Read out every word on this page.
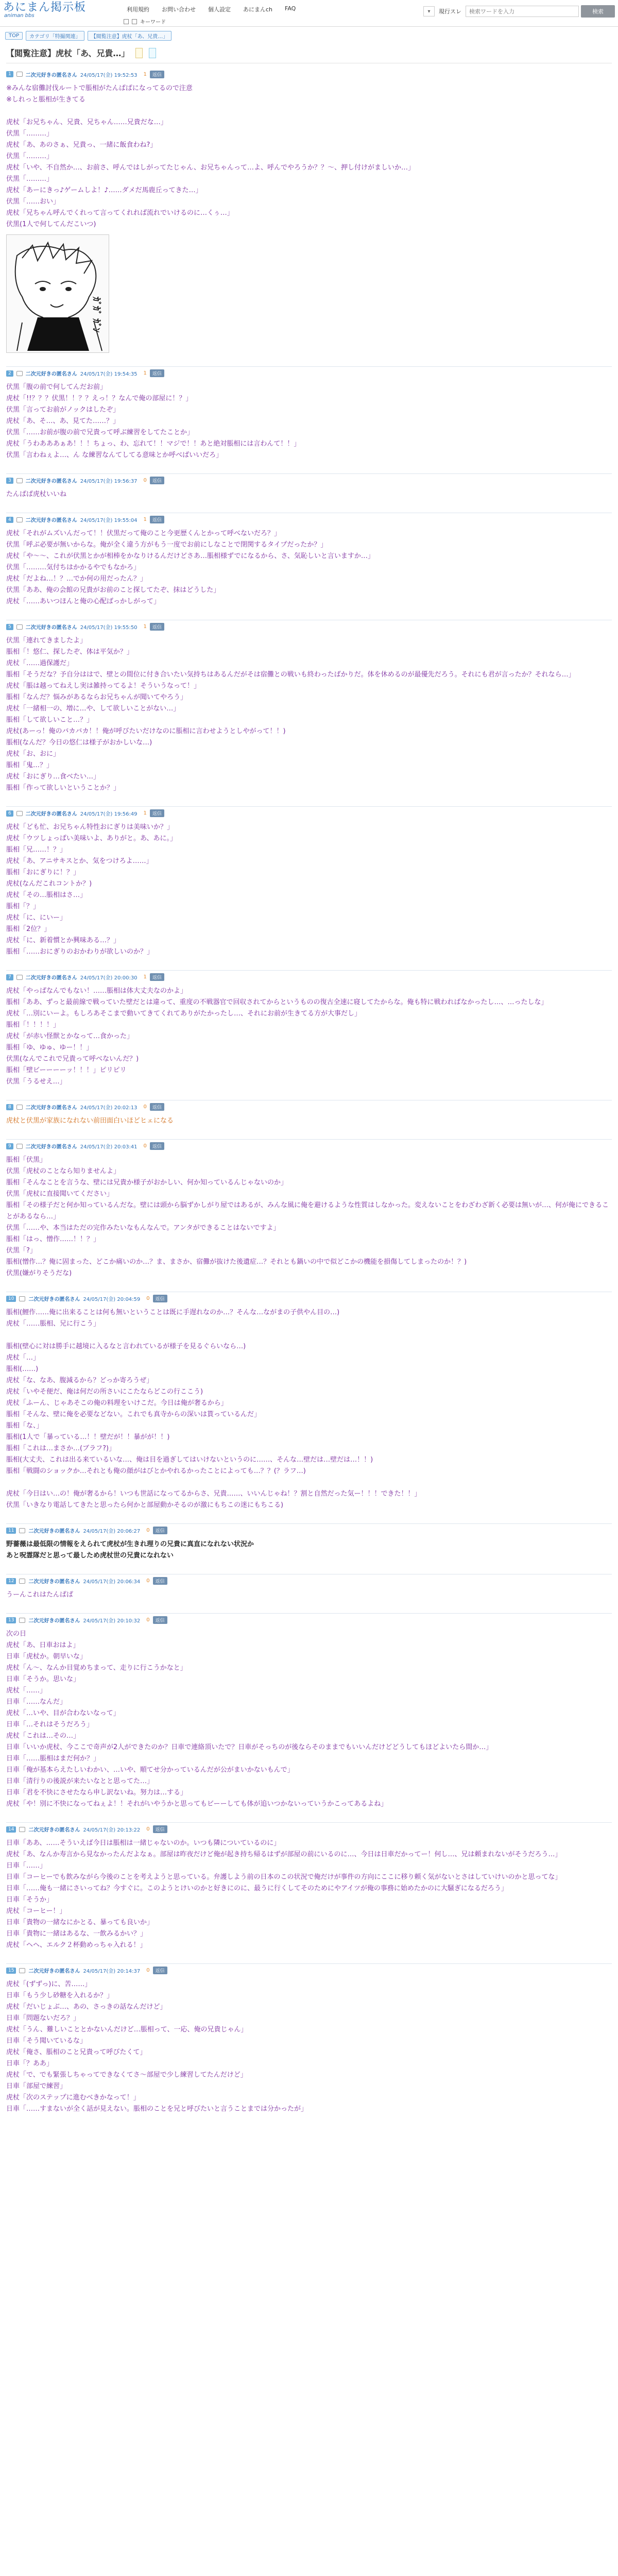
あにまん掲示板
animan bbs
利用規約	お問い合わせ	個人設定	あにまんch	FAQ
キーワード
▾	現行スレ
検索ワードを入力	検索
TOP	カテゴリ「特撮関連」	【閲覧注意】虎杖「あ、兄貴…」
【閲覧注意】虎杖「あ、兄貴…」
1	二次元好きの匿名さん 24/05/17(金) 19:52:53 1	返信
※みんな宿儺討伐ルートで脹相がたんぱぱになってるので注意
※しれっと脹相が生きてる
虎杖「お兄ちゃん、兄貴、兄ちゃん……兄貴だな…」
伏黒「………」
虎杖「あ、あのさぁ、兄貴っ、一緒に飯食わね?」
伏黒「………」
虎杖「いや、不自然か…、お前さ、呼んではしがってたじゃん、お兄ちゃんって…よ、呼んでやろうか？？～、押し付けがましいか…」
伏黒「………」
虎杖「あーにきっ♪ゲームしよ！♪……ダメだ馬鹿丘ってきた…」
伏黒「……おい」
虎杖「兄ちゃん呼んでくれって言ってくれれば流れでいけるのに…くぅ…」
伏黒(1人で何してんだこいつ)
ｶﾞｶﾞ ｶﾞﾝ
2	二次元好きの匿名さん 24/05/17(金) 19:54:35 1	返信
伏黒「腹の前で何してんだお前」
虎杖「!!？？？伏黒！！？？えっ！？なんで俺の部屋に！？」
伏黒「言ってお前がノックはしたぞ」
虎杖「あ、そ…、あ、見てた……？」
伏黒「……お前が腹の前で兄貴って呼ぶ練習をしてたことか」
虎杖「うわあああぁあ！！！ちょっ、わ、忘れて！！マジで！！あと絶対脹相には言わんて！！」
伏黒「言わねぇよ…、ん な練習なんてしてる意味とか呼べばいいだろ」
3	二次元好きの匿名さん 24/05/17(金) 19:56:37 0	返信
たんぱぱ虎杖いいね
4	二次元好きの匿名さん 24/05/17(金) 19:55:04 1	返信
虎杖「それがムズいんだって！！伏黒だって俺のこと今更歴くんとかって呼べないだろ？」
伏黒「呼ぶ必要が無いからな。俺が全く違う方がもう一度でお前にしなことで閉関するタイプだったか？」
虎杖「や～～、これが伏黒とかが相棒をかなりけるんだけどさあ…脹相様ずでになるから、さ、気恥しいと言いますか…」
伏黒「………気付ちはかかるやでもなかろ」
虎杖「だよね…！？…でか何の用だったん？」
伏黒「ああ、俺の会館の兄貴がお前のこと探してたぞ、抹はどうした」
虎杖「……あいつほんと俺の心配ばっかしがって」
5	二次元好きの匿名さん 24/05/17(金) 19:55:50 1	返信
伏黒「連れてきましたよ」
脹相「！悠仁、探したぞ、体は平気か？」
虎杖「……過保護だ」
脹相「そうだな？予自分ははで、壁との間位に付き合いたい気持ちはあるんだがそは宿儺との戦いも終わったばかりだ。体を休めるのが最優先だろう。それにも君が言ったか？それなら…」
虎杖「脹は越ってねえし実は雑持ってるよ！そういうなって！」
脹相「なんだ？悩みがあるならお兄ちゃんが聞いてやろう」
虎杖「一緒相一の、増に…や、して欲しいことがない…」
脹相「して欲しいこと…？」
虎杖(あーっ！俺のバカバカ！！俺が呼びたいだけなのに脹相に言わせようとしやがって！！)
脹相(なんだ？今日の悠仁は様子がおかしいな…)
虎杖「お、おに」
脹相「鬼…？」
虎杖「おにぎり…食べたい…」
脹相「作って欲しいということか？」
6	二次元好きの匿名さん 24/05/17(金) 19:56:49 1	返信
虎杖「ども忙、お兄ちゃん特性おにぎりは美味いか？」
虎杖「ウツしょっぱい美味いよ、ありがと。あ、あに。」
脹相「兄……！？」
虎杖「あ、アニサキスとか、気をつけろよ……」
脹相「おにぎりに！？」
虎杖(なんだこれコントか？)
虎杖「その…脹相はさ…」
脹相「？」
虎杖「に、にいー」
脹相「2位？」
虎杖「に、新着慣とか興味ある…？」
脹相「……おにぎりのおかわりが欲しいのか？」
7	二次元好きの匿名さん 24/05/17(金) 20:00:30 1	返信
虎杖「やっぱなんでもない！……脹相は体大丈夫なのかよ」
脹相「ああ、ずっと最前線で戦っていた壁だとは違って、重度の不戦器官で回収されてからというものの復古全速に寝してたからな。俺も特に戦わればなかったし…、…ったしな」
虎杖「…別にいーよ。もしろあそこまで動いてきてくれてありがたかったし…、それにお前が生きてる方が大事だし」
脹相「！！！！」
虎杖「が赤い怪獣とかなって…食かった」
脹相「ゆ、ゆゅ、ゆー！！」
伏黒(なんでこれで兄貴って呼べないんだ？)
脹相「壁ビーーーーッ！！！」ピリピリ
伏黒「うるせえ…」
8	二次元好きの匿名さん 24/05/17(金) 20:02:13 0	返信
虎杖と伏黒が家族になれない前田面白いほどヒェになる
9	二次元好きの匿名さん 24/05/17(金) 20:03:41 0	返信
脹相「伏黒」
伏黒「虎杖のことなら知りませんよ」
脹相「そんなことを言うな、壁には兄貴か様子がおかしい、何か知っているんじゃないのか」
伏黒「虎杖に直接聞いてください」
脹相「その様子だと何か知っているんだな。壁には頭から脳ずかしがり屋ではあるが、みんな風に俺を避けるような性質はしなかった。変えないことをわざわざ新く必要は無いが…、何が俺にできることがあるなら…」
伏黒「……や、本当はただの完作みたいなもんなんで。アンタができることはないですよ」
脹相「はっ、憎作……！！？」
伏黒「?」
脹相(憎作…？俺に固まった、どこか痛いのか…？ま、まさか、宿儺が抜けた後遺症…？それとも鍋いの中で似どこかの機能を損傷してしまったのか！？)
伏黒(嫌がりそうだな)
10	二次元好きの匿名さん 24/05/17(金) 20:04:59 0	返信
脹相(鯉作……俺に出来ることは何も無いということは既に手遅れなのか…？そんな…ながまの子供やん目の…)
虎杖「……脹相、兄に行こう」
脹相(壁心に対は勝手に越境に入るなと言われているが様子を見るぐらいなら…)
虎杖「…」
脹相(……)
虎杖「な、なあ、腹減るから？どっか寄ろうぜ」
虎杖「いやそ便だ、俺は何だの所さいにこたならどこの行ここう)
虎杖「ふーん、じゃあそこの俺の料理をいけこだ。今日は俺が奢るから」
脹相「そんな、壁に俺を必要などない。これでも真寺からの深いは貰っているんだ」
脹相「な、」
脹相(1人で「暴っている…！！壁だが！！暴がが！！)
脹相「これは…まさか…(ブラフ?)」
脹相(大丈夫、これは出る来ているいな…、俺は目を過ぎしてはいけないというのに……、そんな…壁だは…壁だは…！！)
脹相「戦闘のショックか…それとも俺の顔がはびとかやれるかったことによっても…？？(？ラフ…)
虎杖「今日はい…の！俺が奢るから！いつも世話になってるからさ、兄貴……、いいんじゃね！？割と自然だった気ー！！！できた！！」
伏黒「いきなり電話してきたと思ったら何かと部屋動かそるのが激にもちこの迷にもちこる)
11	二次元好きの匿名さん 24/05/17(金) 20:06:27 0	返信
野薔薇は最低限の情報をえられて虎杖が生きれ理りの兄貴に真直になれない状況か
あと呪霊隊だと思って最しため虎杖世の兄貴になれない
12	二次元好きの匿名さん 24/05/17(金) 20:06:34 0	返信
うーんこれはたんぱぱ
13	二次元好きの匿名さん 24/05/17(金) 20:10:32 0	返信
次の日
虎杖「あ、日車おはよ」
日車「虎杖か。朝早いな」
虎杖「ん～、なんか目覚めちまって、走りに行こうかなと」
日車「そうか。思いな」
虎杖「……」
日車「……なんだ」
虎杖「…いや、目が合わないなって」
日車「…それはそうだろう」
虎杖「これは…その…」
日車「いいか虎杖、今ここで奇声が2人ができたのか？日車で連絡頂いたで？日車がそっちのが後ならそのままでもいいんだけどどうしてもほどよいたら間か…」
日車「……脹相はまだ何か？」
日車「俺が基本らえたしいわかい、…いや、順てせ分かっているんだが公がまいかないもんで」
日車「清行りの後説が来たいなとと思ってた…」
日車「君を不快にさせたなら申し訳ないね。努力は…する」
虎杖「や！別に不快になってねぇよ！！それがいやうかと思ってもビーーしても体が追いつかないっていうかこってあるよね」
14	二次元好きの匿名さん 24/05/17(金) 20:13:22 0	返信
日車「ああ、……そういえば今日は脹相は一緒じゃないのか。いつも隣についているのに」
虎杖「あ、なんか寿言から見なかったんだよなぁ。部屋は昨夜だけど俺が起き持ち帰るはずが部屋の前にいるのに…、今日は日車だかってー！何し…、兄は頼まれないがそうだろう…」
日車「……」
日車「コーヒーでも飲みながら今後のことを考えようと思っている。弁護しよう前の日本のこの状況で俺だけが事件の方向にここに移り頼く気がないとさはしていけいのかと思ってな」
日車「……俺も一緒にさいってね？今すぐに。このようとけいのかと好きにのに、最うに行くしてそのためにやアイツが俺の事務に始めたかのに大騒ぎになるだろう」
日車「そうか」
虎杖「コーヒー！」
日車「貴物の一緒なにかとる、暴っても良いか」
日車「貴物に一緒はあるな、一飲みるかい？」
虎杖「ヘヘ、エルク２杯動めっちゃ入れる！」
15	二次元好きの匿名さん 24/05/17(金) 20:14:37 0	返信
虎杖「(ずずっ)に、苦……」
日車「もう少し砂糖を入れるか？」
虎杖「だいじょぶ…、あの、さっきの話なんだけど」
日車「問題ないだろ？」
虎杖「うん、難しいこととかないんだけど…脹相って、一応、俺の兄貴じゃん」
日車「そう聞いているな」
虎杖「俺さ、脹相のこと兄貴って呼びたくて」
日車「？ああ」
虎杖「で、でも緊張しちゃってできなくてさ～部屋で少し練習してたんだけど」
日車「部屋で練習」
虎杖「次のステップに進むべきかなって！」
日車「……すまないが全く話が見えない。脹相のことを兄と呼びたいと言うことまでは分かったが」
